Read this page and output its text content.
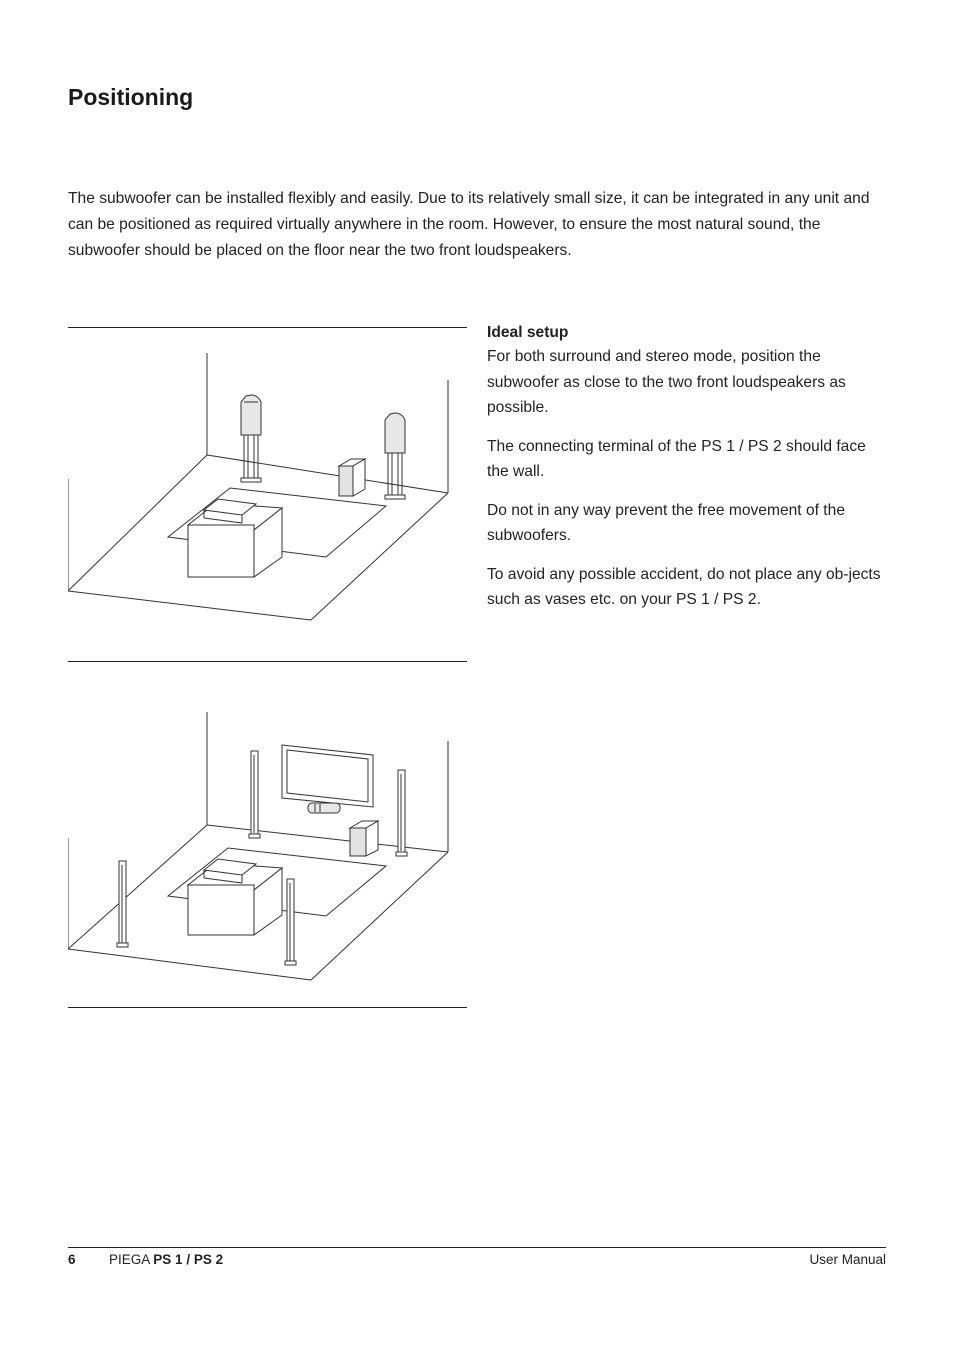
Positioning

The subwoofer can be installed flexibly and easily. Due to its relatively small size, it can be integrated in any unit and can be positioned as required virtually anywhere in the room. However, to ensure the most natural sound, the subwoofer should be placed on the floor near the two front loudspeakers.

Ideal setup

For both surround and stereo mode, position the subwoofer as close to the two front loudspeakers as possible.

The connecting terminal of the PS 1 / PS 2 should face the wall.

Do not in any way prevent the free movement of the subwoofers.

To avoid any possible accident, do not place any ob-jects such as vases etc. on your PS 1 / PS 2.

6 PIEGA PS 1 / PS 2	User Manual
